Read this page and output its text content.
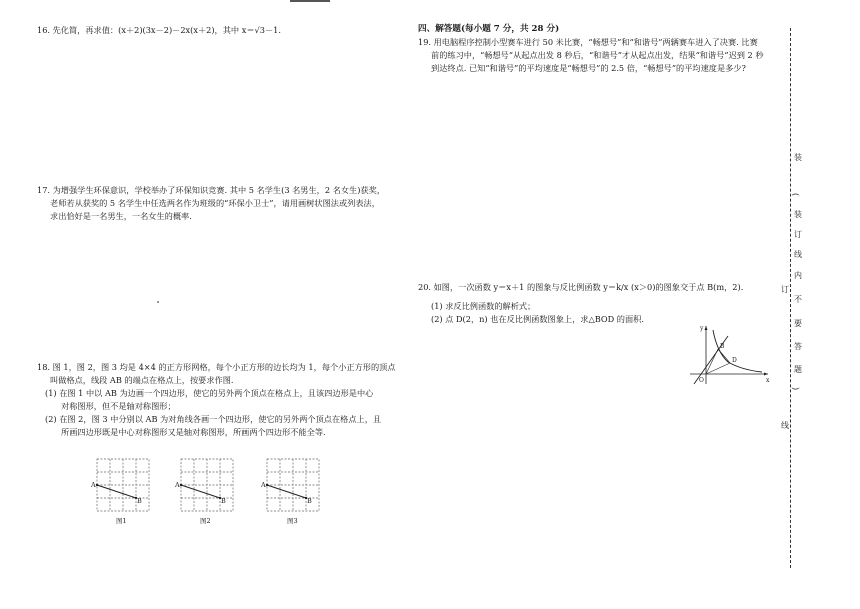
16. 先化简，再求值：(x＋2)(3x－2)－2x(x＋2)，其中 x＝√3－1.

17. 为增强学生环保意识，学校举办了环保知识竞赛. 其中 5 名学生(3 名男生，2 名女生)获奖，

老师若从获奖的 5 名学生中任选两名作为班级的“环保小卫士”，请用画树状图法或列表法，

求出恰好是一名男生，一名女生的概率.

18. 图 1，图 2，图 3 均是 4×4 的正方形网格，每个小正方形的边长均为 1，每个小正方形的顶点

叫做格点，线段 AB 的端点在格点上，按要求作图.

(1) 在图 1 中以 AB 为边画一个四边形，使它的另外两个顶点在格点上，且该四边形是中心

对称图形，但不是轴对称图形；

(2) 在图 2，图 3 中分别以 AB 为对角线各画一个四边形，使它的另外两个顶点在格点上，且

所画四边形既是中心对称图形又是轴对称图形，所画两个四边形不能全等.

A
B
图1
A
B
图2
A
B
图3
四、解答题(每小题 7 分，共 28 分)

19. 用电脑程序控制小型赛车进行 50 米比赛，“畅想号”和“和谐号”两辆赛车进入了决赛. 比赛

前的练习中，“畅想号”从起点出发 8 秒后，“和谐号”才从起点出发，结果“和谐号”迟到 2 秒

到达终点. 已知“和谐号”的平均速度是“畅想号”的 2.5 倍，“畅想号”的平均速度是多少?

20. 如图，一次函数 y＝x＋1 的图象与反比例函数 y＝k/x (x＞0)的图象交于点 B(m，2).

(1) 求反比例函数的解析式；

(2) 点 D(2，n) 也在反比例函数图象上，求△BOD 的面积.

O	x
y
B
D
装
(
装
订
线
内
不
要
答
题
)
订
线
